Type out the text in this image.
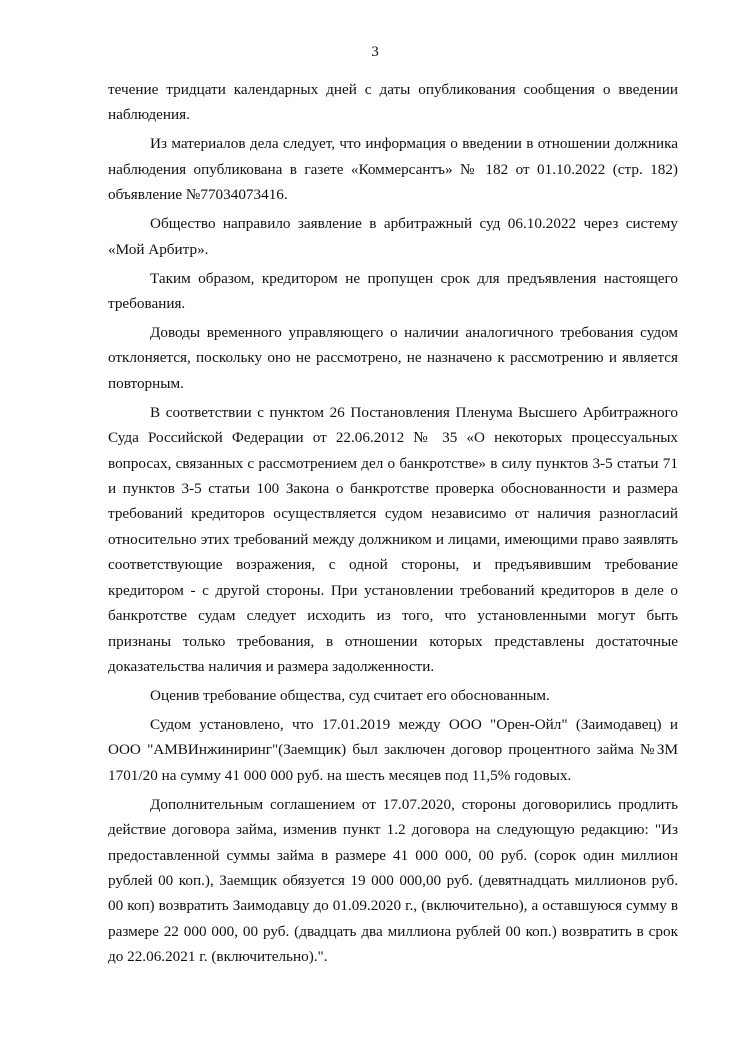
3

течение тридцати календарных дней с даты опубликования сообщения о введении наблюдения.

Из материалов дела следует, что информация о введении в отношении должника наблюдения опубликована в газете «Коммерсантъ» № 182 от 01.10.2022 (стр. 182) объявление №77034073416.

Общество направило заявление в арбитражный суд 06.10.2022 через систему «Мой Арбитр».

Таким образом, кредитором не пропущен срок для предъявления настоящего требования.

Доводы временного управляющего о наличии аналогичного требования судом отклоняется, поскольку оно не рассмотрено, не назначено к рассмотрению и является повторным.

В соответствии с пунктом 26 Постановления Пленума Высшего Арбитражного Суда Российской Федерации от 22.06.2012 № 35 «О некоторых процессуальных вопросах, связанных с рассмотрением дел о банкротстве» в силу пунктов 3-5 статьи 71 и пунктов 3-5 статьи 100 Закона о банкротстве проверка обоснованности и размера требований кредиторов осуществляется судом независимо от наличия разногласий относительно этих требований между должником и лицами, имеющими право заявлять соответствующие возражения, с одной стороны, и предъявившим требование кредитором - с другой стороны. При установлении требований кредиторов в деле о банкротстве судам следует исходить из того, что установленными могут быть признаны только требования, в отношении которых представлены достаточные доказательства наличия и размера задолженности.

Оценив требование общества, суд считает его обоснованным.

Судом установлено, что 17.01.2019 между ООО "Орен-Ойл" (Заимодавец) и ООО "АМВИнжиниринг"(Заемщик) был заключен договор процентного займа №ЗМ 1701/20 на сумму 41 000 000 руб. на шесть месяцев под 11,5% годовых.

Дополнительным соглашением от 17.07.2020, стороны договорились продлить действие договора займа, изменив пункт 1.2 договора на следующую редакцию: "Из предоставленной суммы займа в размере 41 000 000, 00 руб. (сорок один миллион рублей 00 коп.), Заемщик обязуется 19 000 000,00 руб. (девятнадцать миллионов руб. 00 коп) возвратить Заимодавцу до 01.09.2020 г., (включительно), а оставшуюся сумму в размере 22 000 000, 00 руб. (двадцать два миллиона рублей 00 коп.) возвратить в срок до 22.06.2021 г. (включительно).".
